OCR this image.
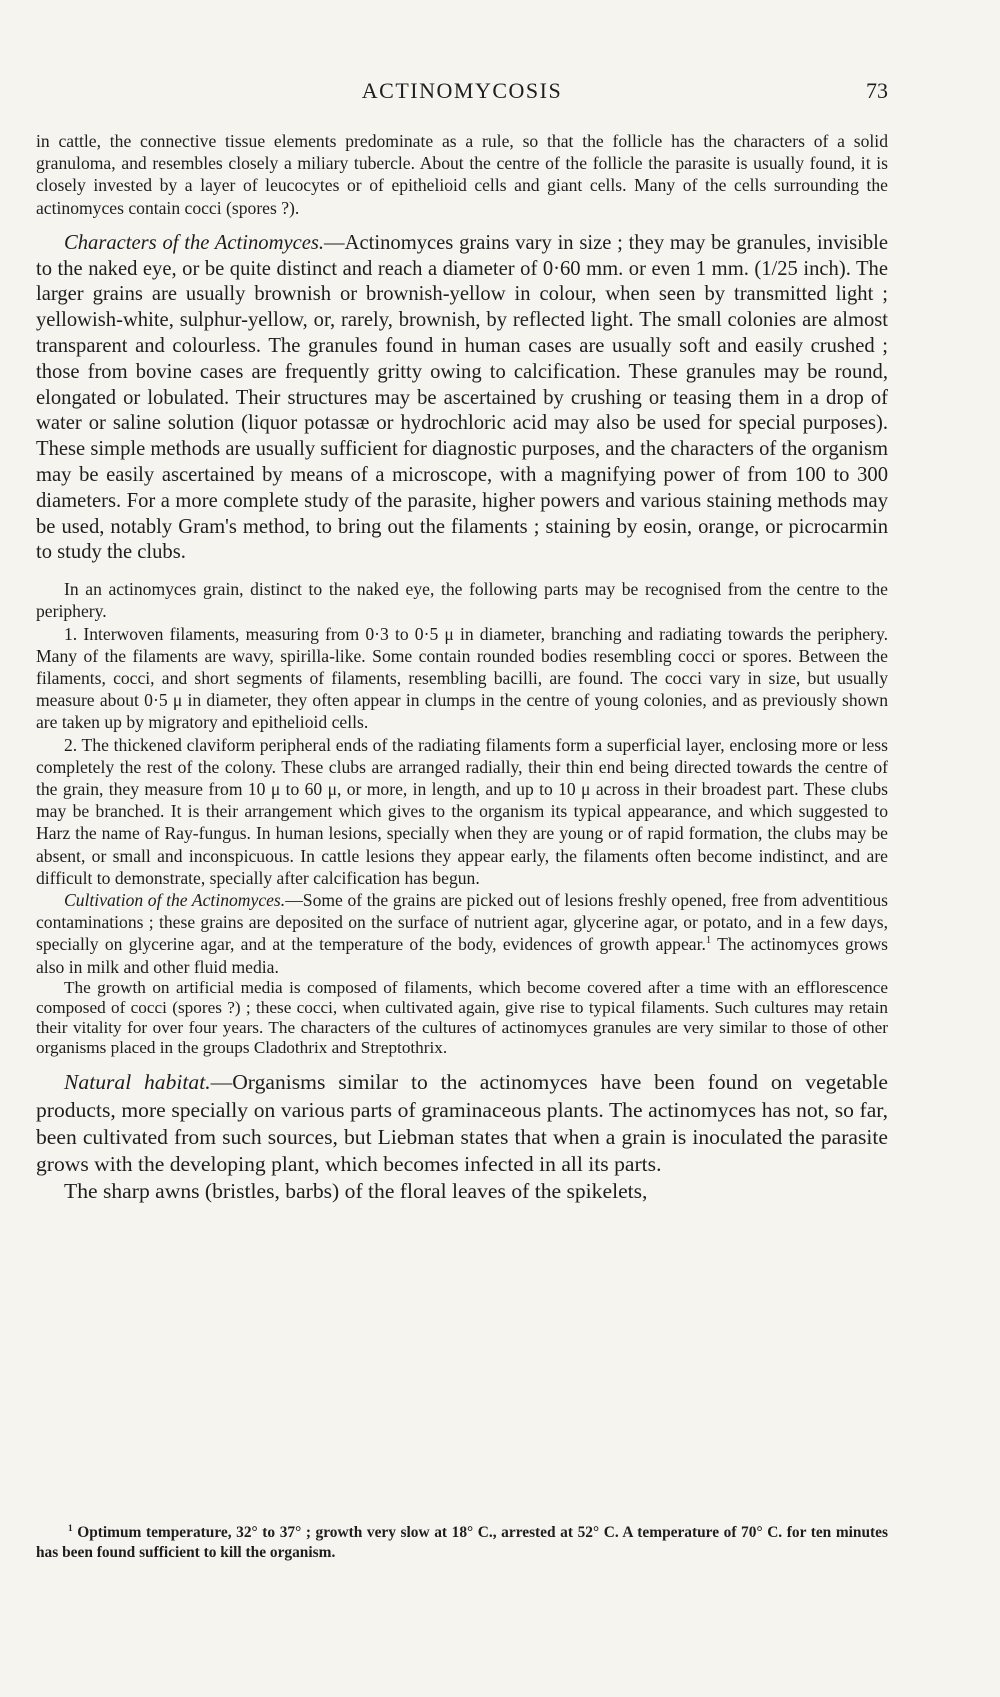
ACTINOMYCOSIS	73

in cattle, the connective tissue elements predominate as a rule, so that the follicle has the characters of a solid granuloma, and resembles closely a miliary tubercle. About the centre of the follicle the parasite is usually found, it is closely invested by a layer of leucocytes or of epithelioid cells and giant cells. Many of the cells surrounding the actinomyces contain cocci (spores ?).

Characters of the Actinomyces.—Actinomyces grains vary in size ; they may be granules, invisible to the naked eye, or be quite distinct and reach a diameter of 0·60 mm. or even 1 mm. (1/25 inch). The larger grains are usually brownish or brownish-yellow in colour, when seen by transmitted light ; yellowish-white, sulphur-yellow, or, rarely, brownish, by reflected light. The small colonies are almost transparent and colourless. The granules found in human cases are usually soft and easily crushed ; those from bovine cases are frequently gritty owing to calcification. These granules may be round, elongated or lobulated. Their structures may be ascertained by crushing or teasing them in a drop of water or saline solution (liquor potassæ or hydrochloric acid may also be used for special purposes). These simple methods are usually sufficient for diagnostic purposes, and the characters of the organism may be easily ascertained by means of a microscope, with a magnifying power of from 100 to 300 diameters. For a more complete study of the parasite, higher powers and various staining methods may be used, notably Gram's method, to bring out the filaments ; staining by eosin, orange, or picrocarmin to study the clubs.

In an actinomyces grain, distinct to the naked eye, the following parts may be recognised from the centre to the periphery.

1. Interwoven filaments, measuring from 0·3 to 0·5 μ in diameter, branching and radiating towards the periphery. Many of the filaments are wavy, spirilla-like. Some contain rounded bodies resembling cocci or spores. Between the filaments, cocci, and short segments of filaments, resembling bacilli, are found. The cocci vary in size, but usually measure about 0·5 μ in diameter, they often appear in clumps in the centre of young colonies, and as previously shown are taken up by migratory and epithelioid cells.

2. The thickened claviform peripheral ends of the radiating filaments form a superficial layer, enclosing more or less completely the rest of the colony. These clubs are arranged radially, their thin end being directed towards the centre of the grain, they measure from 10 μ to 60 μ, or more, in length, and up to 10 μ across in their broadest part. These clubs may be branched. It is their arrangement which gives to the organism its typical appearance, and which suggested to Harz the name of Ray-fungus. In human lesions, specially when they are young or of rapid formation, the clubs may be absent, or small and inconspicuous. In cattle lesions they appear early, the filaments often become indistinct, and are difficult to demonstrate, specially after calcification has begun.

Cultivation of the Actinomyces.—Some of the grains are picked out of lesions freshly opened, free from adventitious contaminations ; these grains are deposited on the surface of nutrient agar, glycerine agar, or potato, and in a few days, specially on glycerine agar, and at the temperature of the body, evidences of growth appear.$^1$ The actinomyces grows also in milk and other fluid media.

The growth on artificial media is composed of filaments, which become covered after a time with an efflorescence composed of cocci (spores ?) ; these cocci, when cultivated again, give rise to typical filaments. Such cultures may retain their vitality for over four years. The characters of the cultures of actinomyces granules are very similar to those of other organisms placed in the groups Cladothrix and Streptothrix.

Natural habitat.—Organisms similar to the actinomyces have been found on vegetable products, more specially on various parts of graminaceous plants. The actinomyces has not, so far, been cultivated from such sources, but Liebman states that when a grain is inoculated the parasite grows with the developing plant, which becomes infected in all its parts.

The sharp awns (bristles, barbs) of the floral leaves of the spikelets,

$^1$ Optimum temperature, 32° to 37° ; growth very slow at 18° C., arrested at 52° C. A temperature of 70° C. for ten minutes has been found sufficient to kill the organism.
